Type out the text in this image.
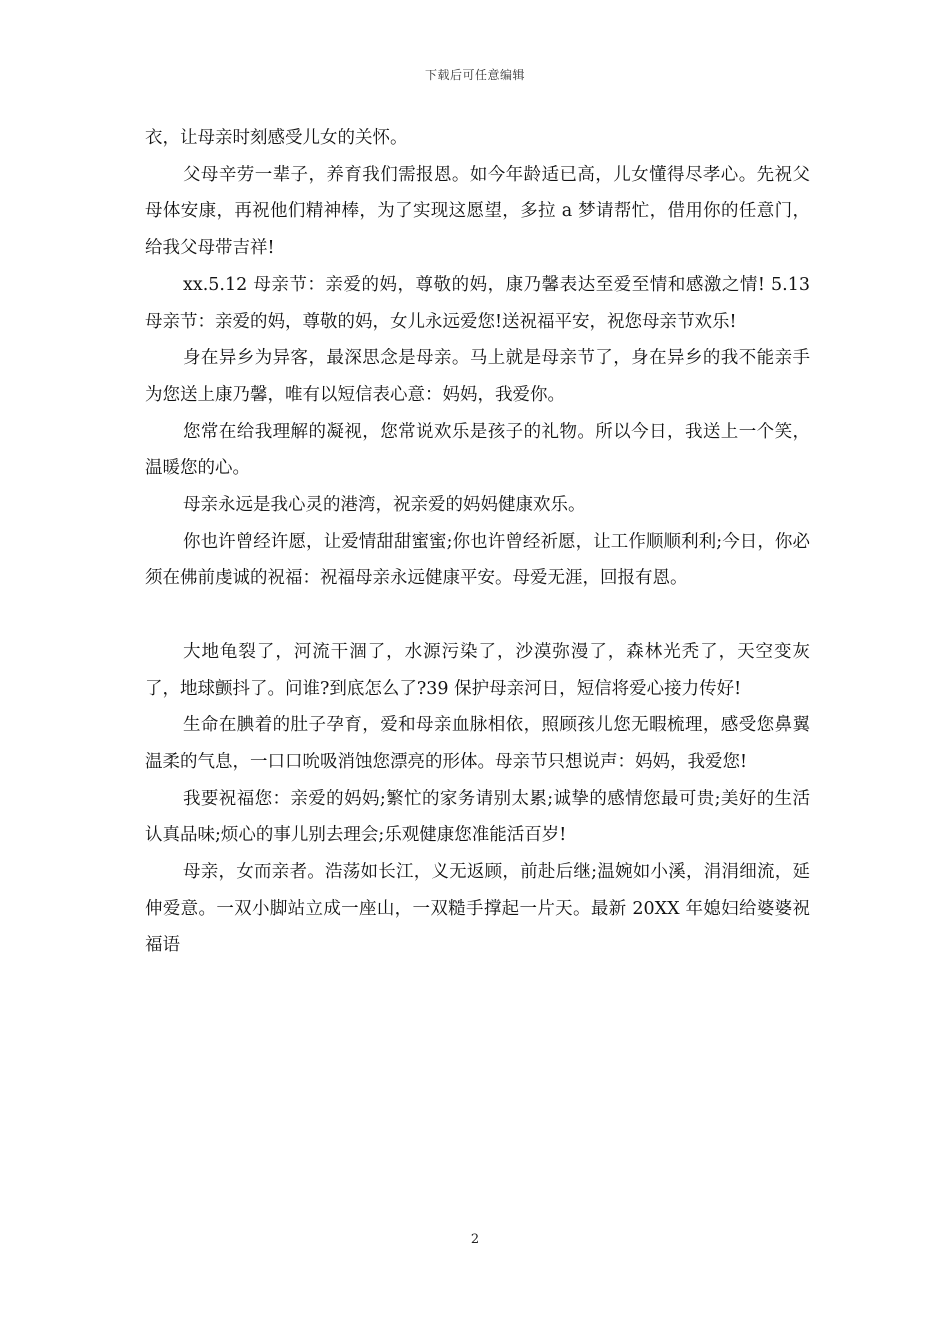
下载后可任意编辑

衣，让母亲时刻感受儿女的关怀。

父母辛劳一辈子，养育我们需报恩。如今年龄适已高，儿女懂得尽孝心。先祝父母体安康，再祝他们精神棒，为了实现这愿望，多拉 a 梦请帮忙，借用你的任意门，给我父母带吉祥!

xx.5.12 母亲节：亲爱的妈，尊敬的妈，康乃馨表达至爱至情和感激之情! 5.13 母亲节：亲爱的妈，尊敬的妈，女儿永远爱您!送祝福平安，祝您母亲节欢乐!

身在异乡为异客，最深思念是母亲。马上就是母亲节了，身在异乡的我不能亲手为您送上康乃馨，唯有以短信表心意：妈妈，我爱你。

您常在给我理解的凝视，您常说欢乐是孩子的礼物。所以今日，我送上一个笑，温暖您的心。

母亲永远是我心灵的港湾，祝亲爱的妈妈健康欢乐。

你也许曾经许愿，让爱情甜甜蜜蜜;你也许曾经祈愿，让工作顺顺利利;今日，你必须在佛前虔诚的祝福：祝福母亲永远健康平安。母爱无涯，回报有恩。

大地龟裂了，河流干涸了，水源污染了，沙漠弥漫了，森林光秃了，天空变灰了，地球颤抖了。问谁?到底怎么了?39 保护母亲河日，短信将爱心接力传好!

生命在腆着的肚子孕育，爱和母亲血脉相依，照顾孩儿您无暇梳理，感受您鼻翼温柔的气息，一口口吮吸消蚀您漂亮的形体。母亲节只想说声：妈妈，我爱您!

我要祝福您：亲爱的妈妈;繁忙的家务请别太累;诚挚的感情您最可贵;美好的生活认真品味;烦心的事儿别去理会;乐观健康您准能活百岁!

母亲，女而亲者。浩荡如长江，义无返顾，前赴后继;温婉如小溪，涓涓细流，延伸爱意。一双小脚站立成一座山，一双糙手撑起一片天。最新 20XX 年媳妇给婆婆祝福语

2
